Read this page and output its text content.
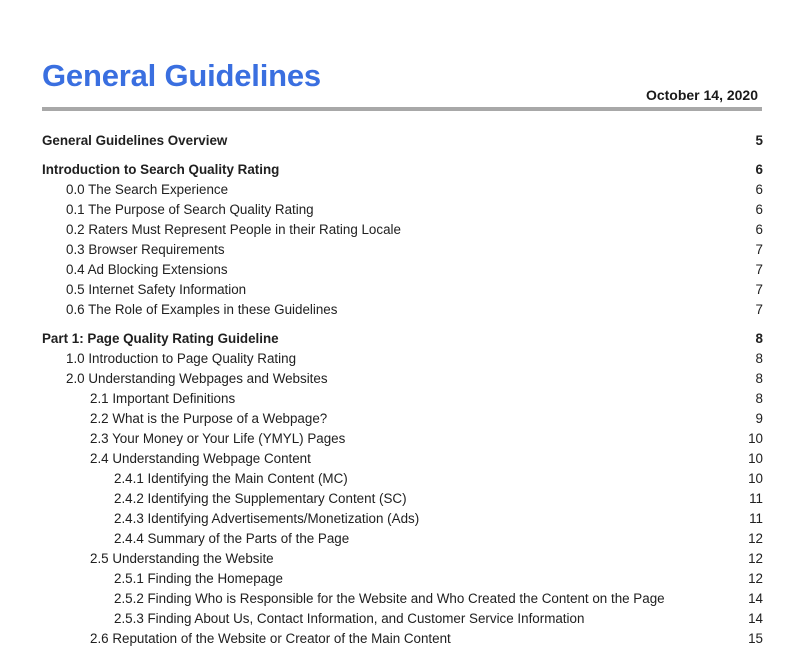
General Guidelines
October 14, 2020
General Guidelines Overview	5
Introduction to Search Quality Rating	6
0.0 The Search Experience	6
0.1 The Purpose of Search Quality Rating	6
0.2 Raters Must Represent People in their Rating Locale	6
0.3 Browser Requirements	7
0.4 Ad Blocking Extensions	7
0.5 Internet Safety Information	7
0.6 The Role of Examples in these Guidelines	7
Part 1: Page Quality Rating Guideline	8
1.0 Introduction to Page Quality Rating	8
2.0 Understanding Webpages and Websites	8
2.1 Important Definitions	8
2.2 What is the Purpose of a Webpage?	9
2.3 Your Money or Your Life (YMYL) Pages	10
2.4 Understanding Webpage Content	10
2.4.1 Identifying the Main Content (MC)	10
2.4.2 Identifying the Supplementary Content (SC)	11
2.4.3 Identifying Advertisements/Monetization (Ads)	11
2.4.4 Summary of the Parts of the Page	12
2.5 Understanding the Website	12
2.5.1 Finding the Homepage	12
2.5.2 Finding Who is Responsible for the Website and Who Created the Content on the Page	14
2.5.3 Finding About Us, Contact Information, and Customer Service Information	14
2.6 Reputation of the Website or Creator of the Main Content	15
